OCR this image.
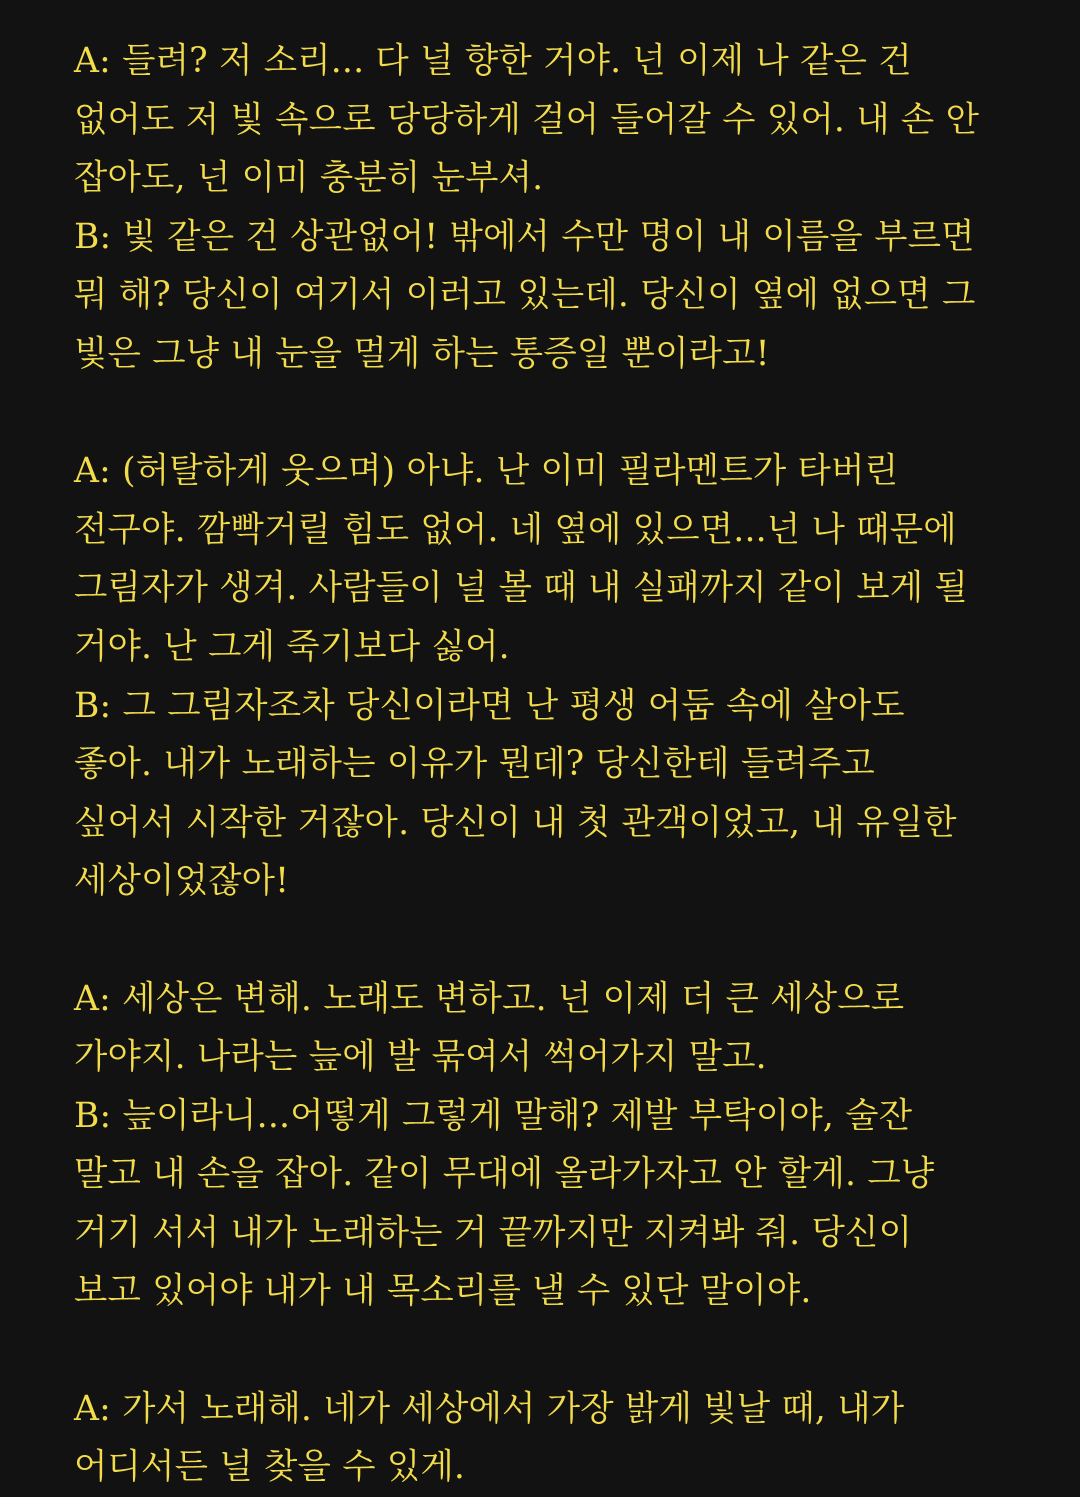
A: 들려? 저 소리... 다 널 향한 거야. 넌 이제 나 같은 건
없어도 저 빛 속으로 당당하게 걸어 들어갈 수 있어. 내 손 안
잡아도, 넌 이미 충분히 눈부셔.
B: 빛 같은 건 상관없어! 밖에서 수만 명이 내 이름을 부르면
뭐 해? 당신이 여기서 이러고 있는데. 당신이 옆에 없으면 그
빛은 그냥 내 눈을 멀게 하는 통증일 뿐이라고!
A: (허탈하게 웃으며) 아냐. 난 이미 필라멘트가 타버린
전구야. 깜빡거릴 힘도 없어. 네 옆에 있으면...넌 나 때문에
그림자가 생겨. 사람들이 널 볼 때 내 실패까지 같이 보게 될
거야. 난 그게 죽기보다 싫어.
B: 그 그림자조차 당신이라면 난 평생 어둠 속에 살아도
좋아. 내가 노래하는 이유가 뭔데? 당신한테 들려주고
싶어서 시작한 거잖아. 당신이 내 첫 관객이었고, 내 유일한
세상이었잖아!
A: 세상은 변해. 노래도 변하고. 넌 이제 더 큰 세상으로
가야지. 나라는 늪에 발 묶여서 썩어가지 말고.
B: 늪이라니...어떻게 그렇게 말해? 제발 부탁이야, 술잔
말고 내 손을 잡아. 같이 무대에 올라가자고 안 할게. 그냥
거기 서서 내가 노래하는 거 끝까지만 지켜봐 줘. 당신이
보고 있어야 내가 내 목소리를 낼 수 있단 말이야.
A: 가서 노래해. 네가 세상에서 가장 밝게 빛날 때, 내가
어디서든 널 찾을 수 있게.
